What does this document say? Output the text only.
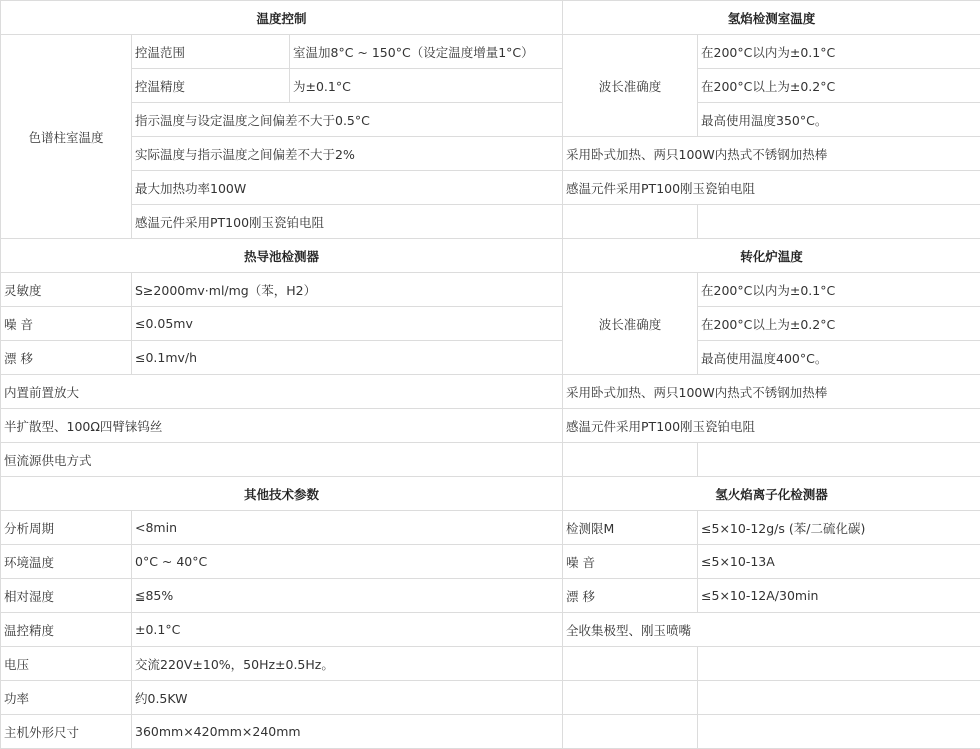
温度控制			氢焰检测室温度	
色谱柱室温度	控温范围	室温加8°C ~ 150°C（设定温度增量1°C）	波长准确度	在200°C以内为±0.1°C
	控温精度	为±0.1°C		在200°C以上为±0.2°C
	指示温度与设定温度之间偏差不大于0.5°C			最高使用温度350°C。
	实际温度与指示温度之间偏差不大于2%		采用卧式加热、两只100W内热式不锈钢加热棒	
	最大加热功率100W		感温元件采用PT100刚玉瓷铂电阻	
	感温元件采用PT100刚玉瓷铂电阻			
热导池检测器			转化炉温度	
灵敏度	S≥2000mv·ml/mg（苯，H2）		波长准确度	在200°C以内为±0.1°C
噪 音	≤0.05mv			在200°C以上为±0.2°C
漂 移	≤0.1mv/h			最高使用温度400°C。
内置前置放大			采用卧式加热、两只100W内热式不锈钢加热棒	
半扩散型、100Ω四臂铼钨丝			感温元件采用PT100刚玉瓷铂电阻	
恒流源供电方式				
其他技术参数			氢火焰离子化检测器	
分析周期	<8min		检测限M	≤5×10-12g/s (苯/二硫化碳)
环境温度	0°C ~ 40°C		噪 音	≤5×10-13A
相对湿度	≦85%		漂 移	≤5×10-12A/30min
温控精度	±0.1°C		全收集极型、刚玉喷嘴	
电压	交流220V±10%，50Hz±0.5Hz。			
功率	约0.5KW			
主机外形尺寸	360mm×420mm×240mm			
